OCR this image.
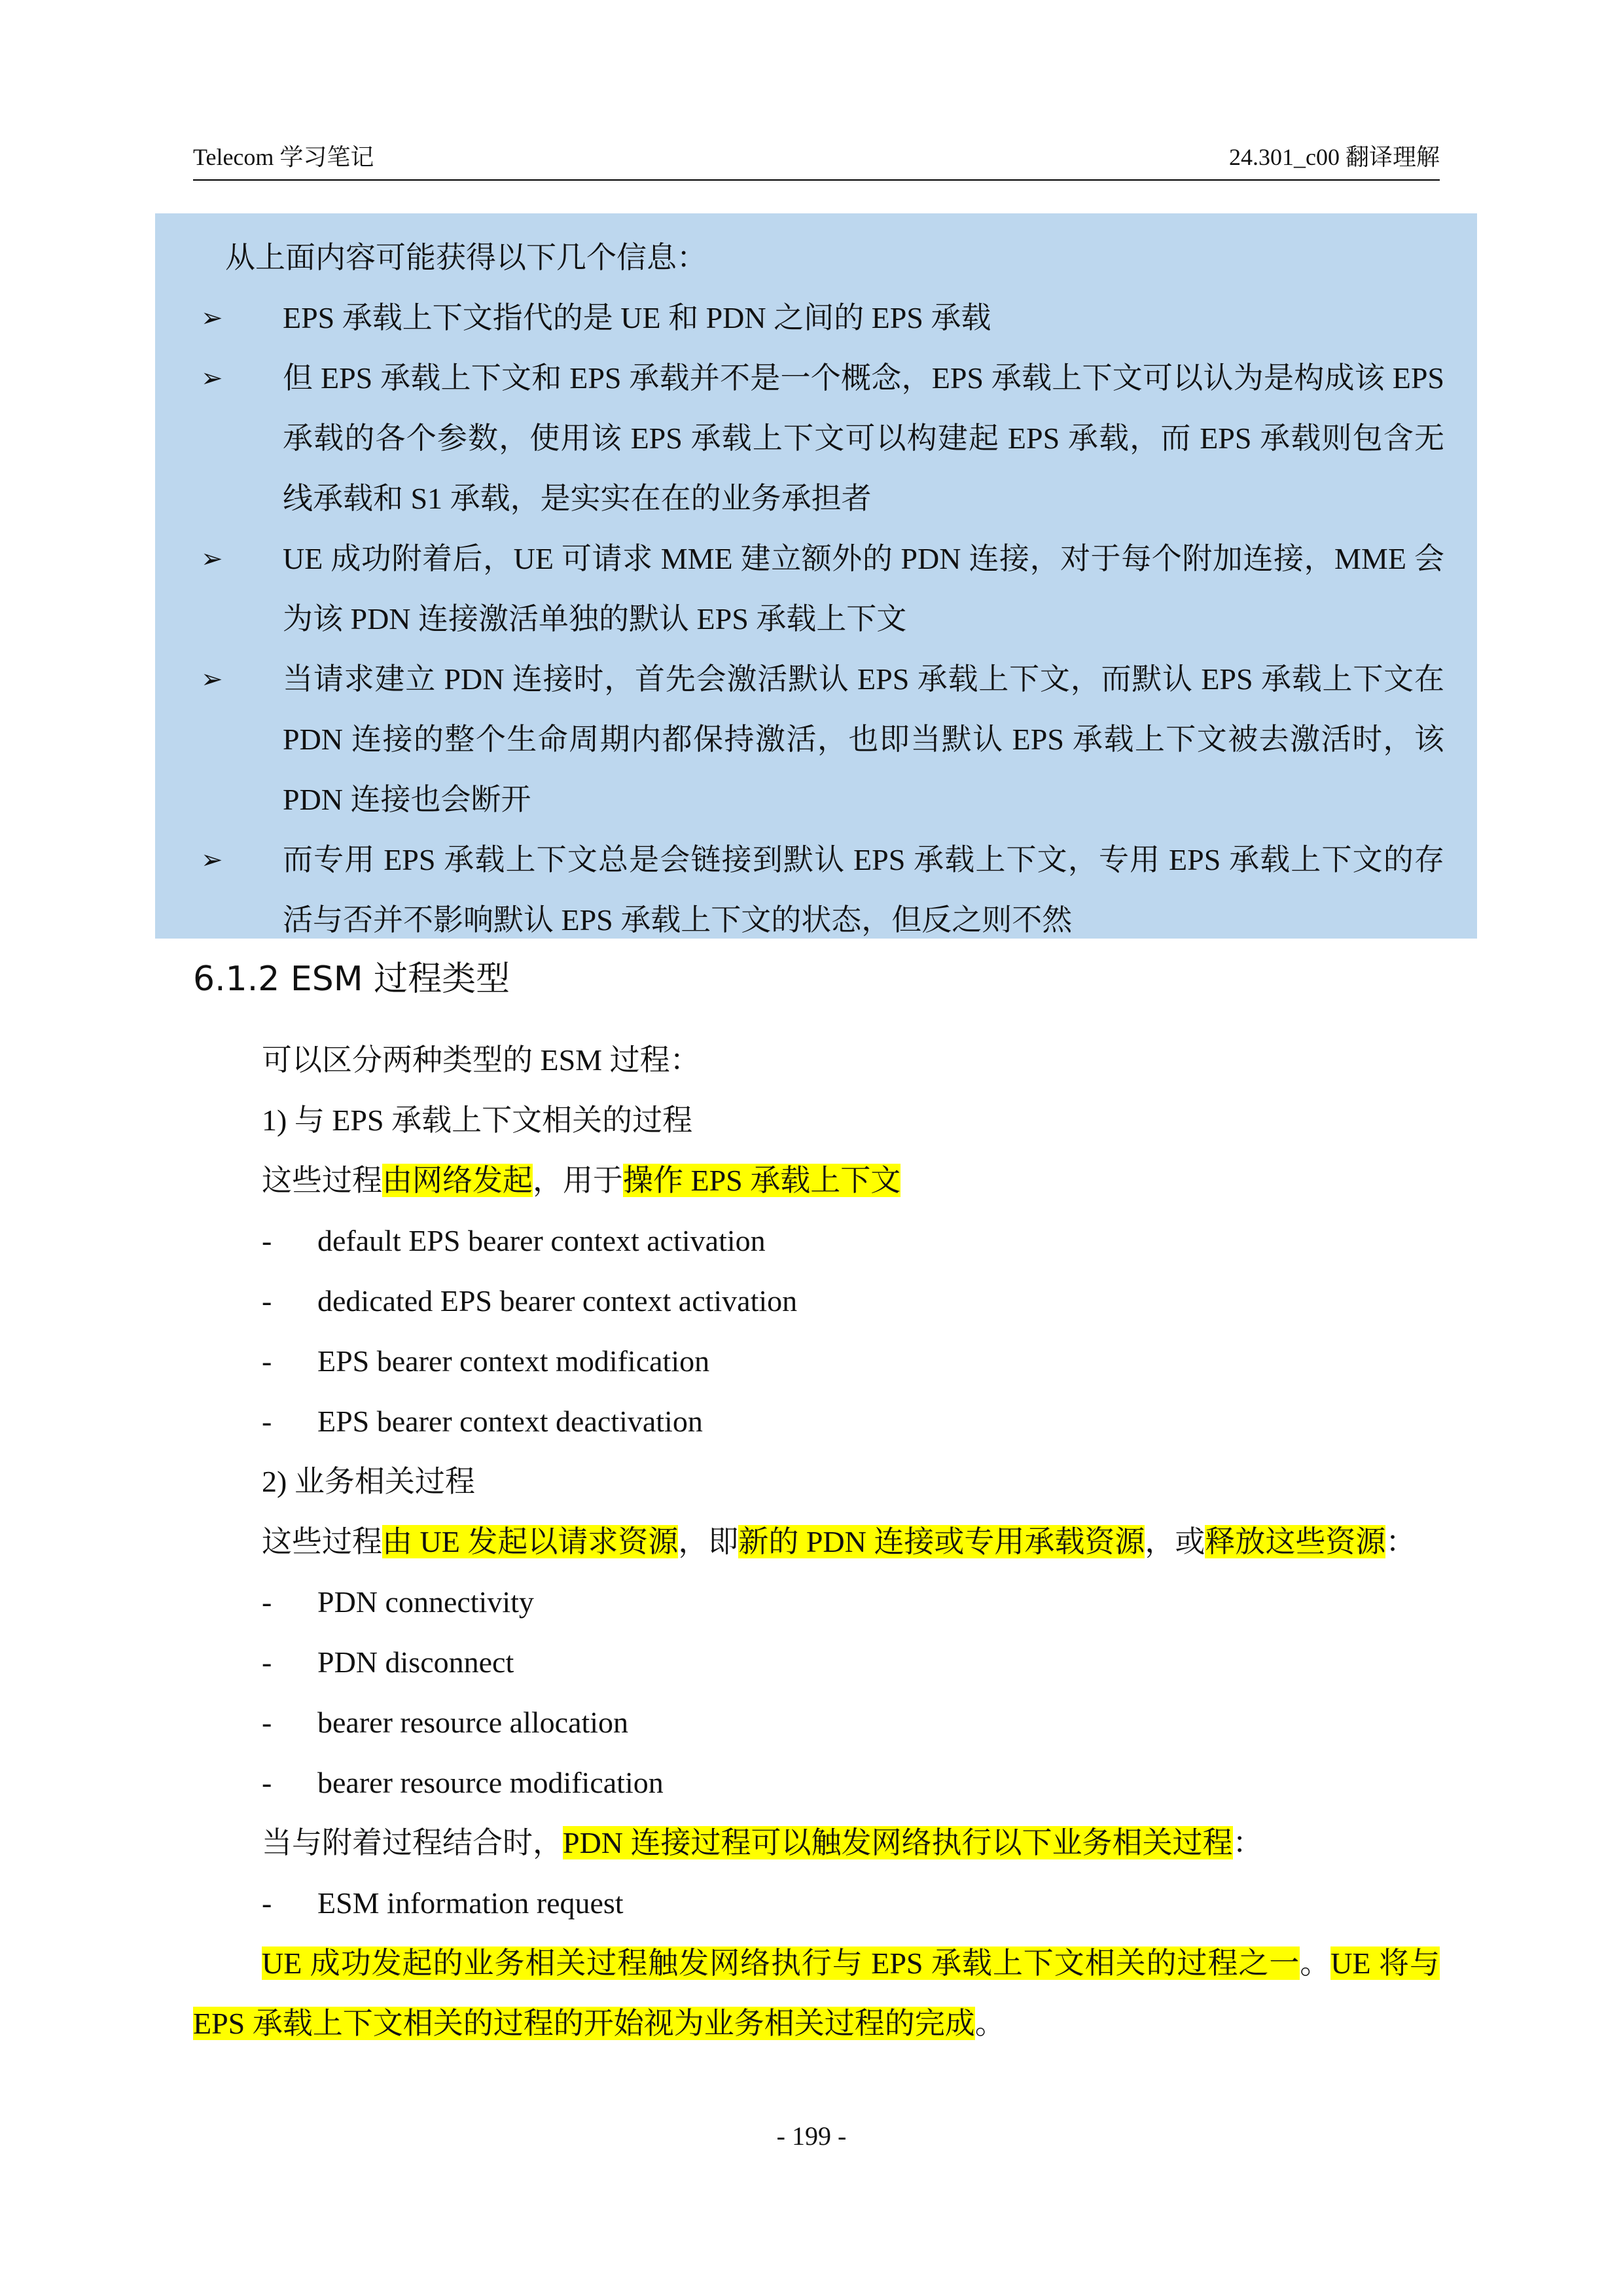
Telecom 学习笔记	24.301_c00 翻译理解
从上面内容可能获得以下几个信息：
➢	EPS 承载上下文指代的是 UE 和 PDN 之间的 EPS 承载
➢	但 EPS 承载上下文和 EPS 承载并不是一个概念，EPS 承载上下文可以认为是构成该 EPS 承载的各个参数，使用该 EPS 承载上下文可以构建起 EPS 承载，而 EPS 承载则包含无线承载和 S1 承载，是实实在在的业务承担者
➢	UE 成功附着后，UE 可请求 MME 建立额外的 PDN 连接，对于每个附加连接，MME 会为该 PDN 连接激活单独的默认 EPS 承载上下文
➢	当请求建立 PDN 连接时，首先会激活默认 EPS 承载上下文，而默认 EPS 承载上下文在 PDN 连接的整个生命周期内都保持激活，也即当默认 EPS 承载上下文被去激活时，该 PDN 连接也会断开
➢	而专用 EPS 承载上下文总是会链接到默认 EPS 承载上下文，专用 EPS 承载上下文的存活与否并不影响默认 EPS 承载上下文的状态，但反之则不然
6.1.2 ESM 过程类型
可以区分两种类型的 ESM 过程：
1) 与 EPS 承载上下文相关的过程
这些过程由网络发起，用于操作 EPS 承载上下文
- default EPS bearer context activation
- dedicated EPS bearer context activation
- EPS bearer context modification
- EPS bearer context deactivation
2) 业务相关过程
这些过程由 UE 发起以请求资源，即新的 PDN 连接或专用承载资源，或释放这些资源：
- PDN connectivity
- PDN disconnect
- bearer resource allocation
- bearer resource modification
当与附着过程结合时，PDN 连接过程可以触发网络执行以下业务相关过程：
- ESM information request
UE 成功发起的业务相关过程触发网络执行与 EPS 承载上下文相关的过程之一。UE 将与 EPS 承载上下文相关的过程的开始视为业务相关过程的完成。
- 199 -
